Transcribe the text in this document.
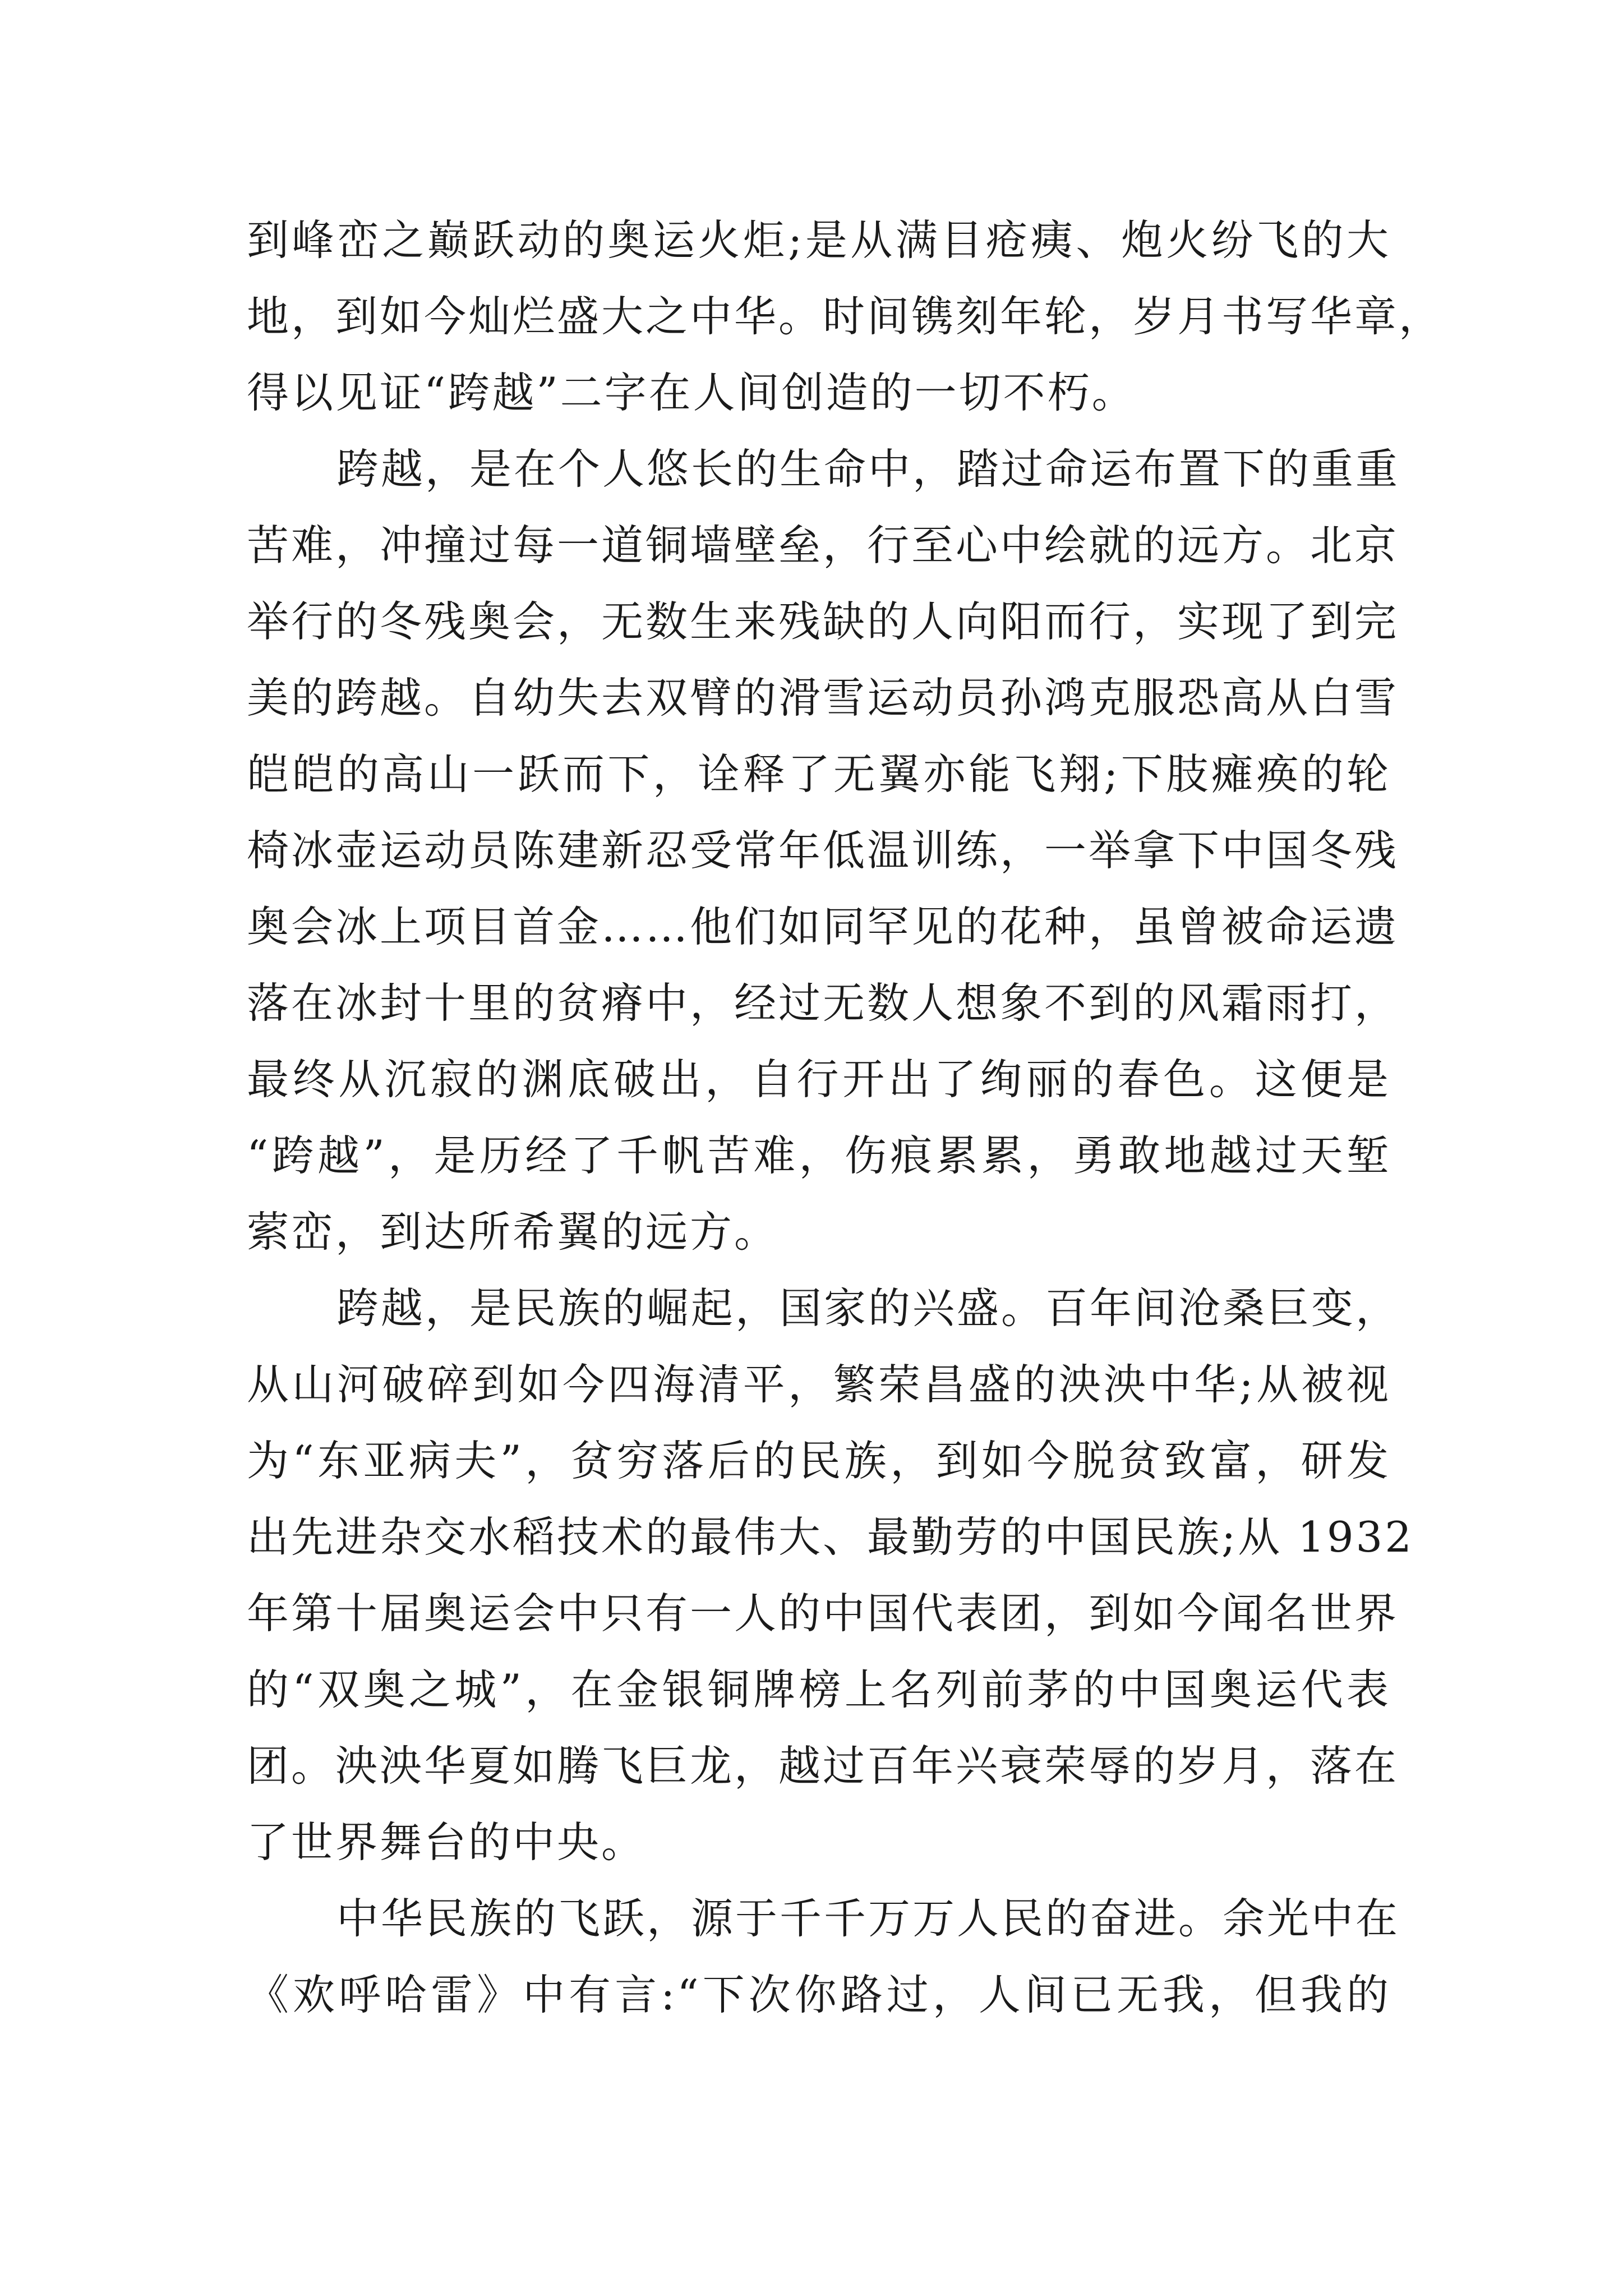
到峰峦之巅跃动的奥运火炬;是从满目疮痍、炮火纷飞的大
地，到如今灿烂盛大之中华。时间镌刻年轮，岁月书写华章，
得以见证“跨越”二字在人间创造的一切不朽。
跨越，是在个人悠长的生命中，踏过命运布置下的重重
苦难，冲撞过每一道铜墙壁垒，行至心中绘就的远方。北京
举行的冬残奥会，无数生来残缺的人向阳而行，实现了到完
美的跨越。自幼失去双臂的滑雪运动员孙鸿克服恐高从白雪
皑皑的高山一跃而下，诠释了无翼亦能飞翔;下肢瘫痪的轮
椅冰壶运动员陈建新忍受常年低温训练，一举拿下中国冬残
奥会冰上项目首金……他们如同罕见的花种，虽曾被命运遗
落在冰封十里的贫瘠中，经过无数人想象不到的风霜雨打，
最终从沉寂的渊底破出，自行开出了绚丽的春色。这便是
“跨越”，是历经了千帆苦难，伤痕累累，勇敢地越过天堑
萦峦，到达所希翼的远方。
跨越，是民族的崛起，国家的兴盛。百年间沧桑巨变，
从山河破碎到如今四海清平，繁荣昌盛的泱泱中华;从被视
为“东亚病夫”，贫穷落后的民族，到如今脱贫致富，研发
出先进杂交水稻技术的最伟大、最勤劳的中国民族;从 1932
年第十届奥运会中只有一人的中国代表团，到如今闻名世界
的“双奥之城”，在金银铜牌榜上名列前茅的中国奥运代表
团。泱泱华夏如腾飞巨龙，越过百年兴衰荣辱的岁月，落在
了世界舞台的中央。
中华民族的飞跃，源于千千万万人民的奋进。余光中在
《欢呼哈雷》中有言:“下次你路过，人间已无我，但我的
